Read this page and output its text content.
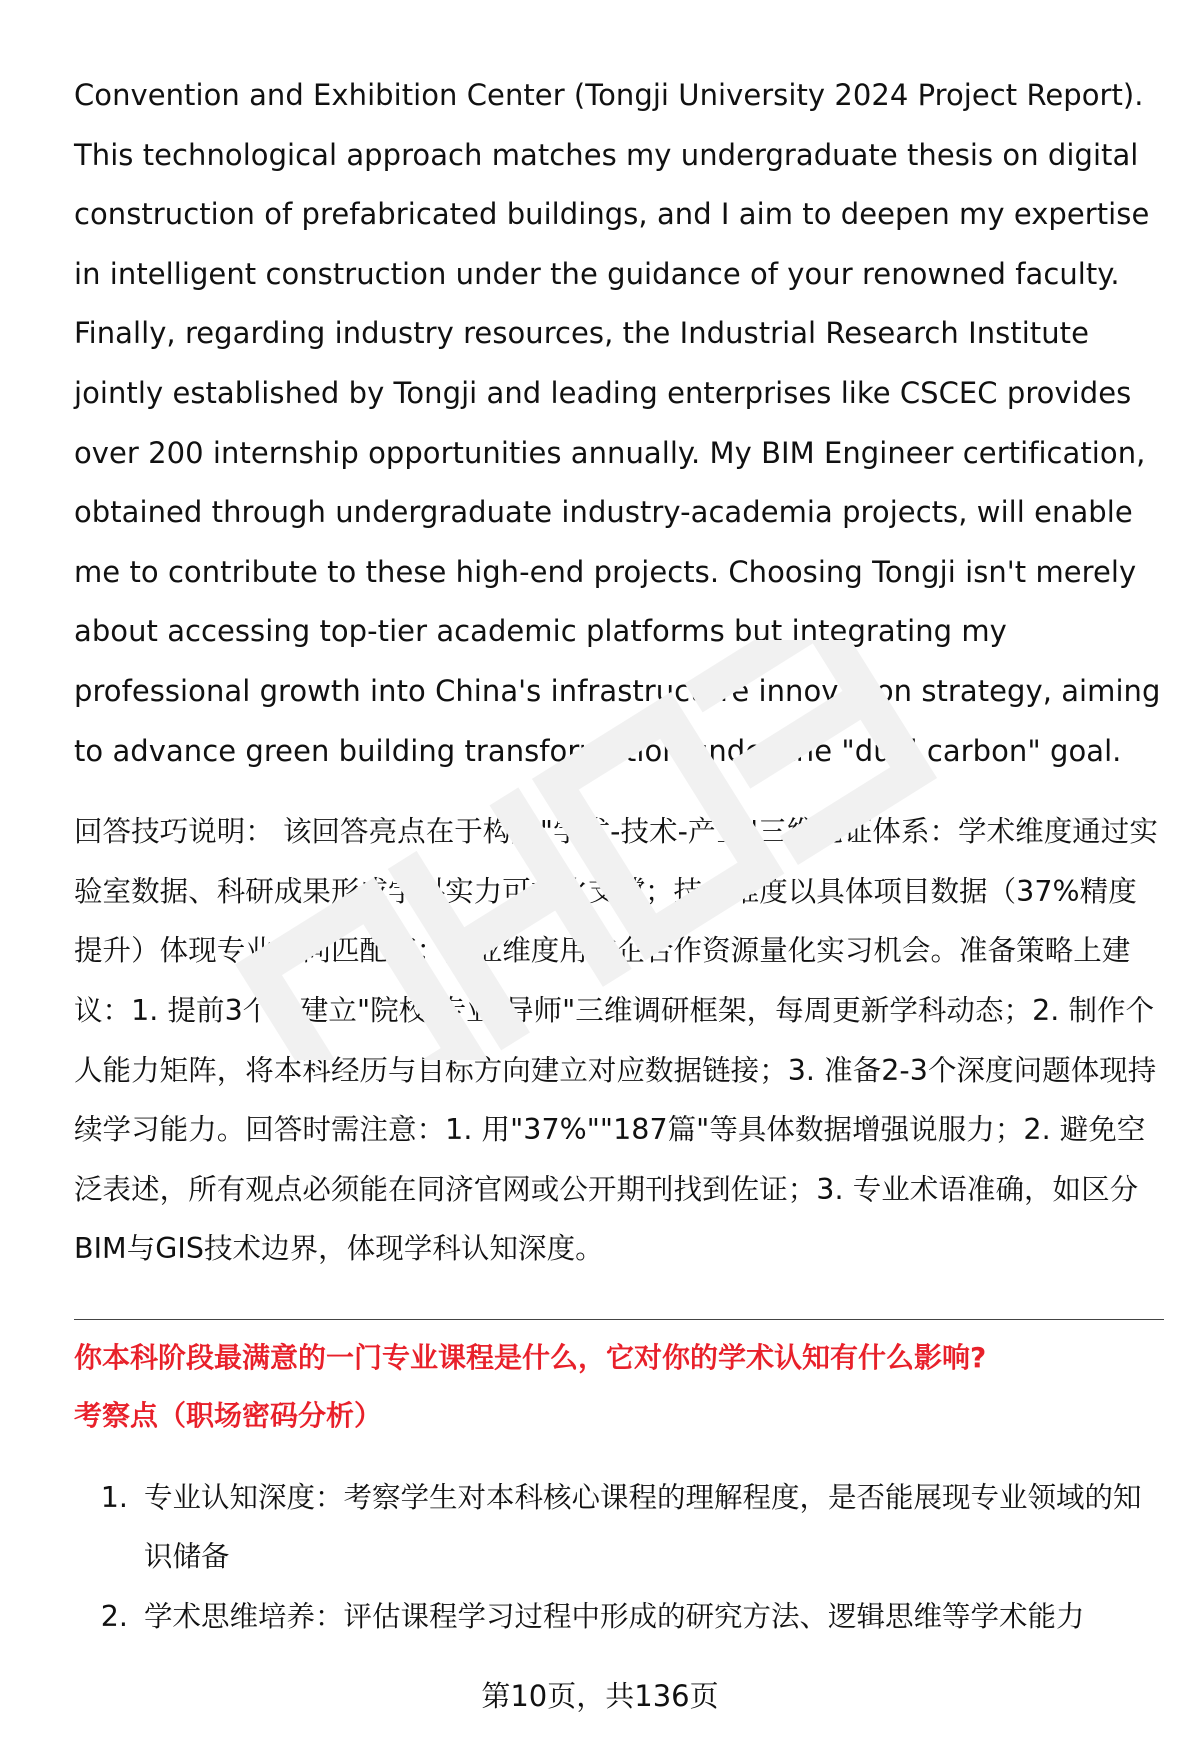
Convention and Exhibition Center (Tongji University 2024 Project Report). This technological approach matches my undergraduate thesis on digital construction of prefabricated buildings, and I aim to deepen my expertise in intelligent construction under the guidance of your renowned faculty. Finally, regarding industry resources, the Industrial Research Institute jointly established by Tongji and leading enterprises like CSCEC provides over 200 internship opportunities annually. My BIM Engineer certification, obtained through undergraduate industry-academia projects, will enable me to contribute to these high-end projects. Choosing Tongji isn't merely about accessing top-tier academic platforms but integrating my professional growth into China's infrastructure innovation strategy, aiming to advance green building transformation under the "dual carbon" goal.

回答技巧说明： 该回答亮点在于构建"学术-技术-产业"三维论证体系：学术维度通过实验室数据、科研成果形成学科实力可视化支撑；技术维度以具体项目数据（37%精度提升）体现专业方向匹配度；产业维度用校企合作资源量化实习机会。准备策略上建议：1. 提前3个月建立"院校-专业-导师"三维调研框架，每周更新学科动态；2. 制作个人能力矩阵，将本科经历与目标方向建立对应数据链接；3. 准备2-3个深度问题体现持续学习能力。回答时需注意：1. 用"37%""187篇"等具体数据增强说服力；2. 避免空泛表述，所有观点必须能在同济官网或公开期刊找到佐证；3. 专业术语准确，如区分BIM与GIS技术边界，体现学科认知深度。

你本科阶段最满意的一门专业课程是什么，它对你的学术认知有什么影响?
考察点（职场密码分析）
1. 专业认知深度：考察学生对本科核心课程的理解程度，是否能展现专业领域的知识储备
2. 学术思维培养：评估课程学习过程中形成的研究方法、逻辑思维等学术能力
第10页，共136页
